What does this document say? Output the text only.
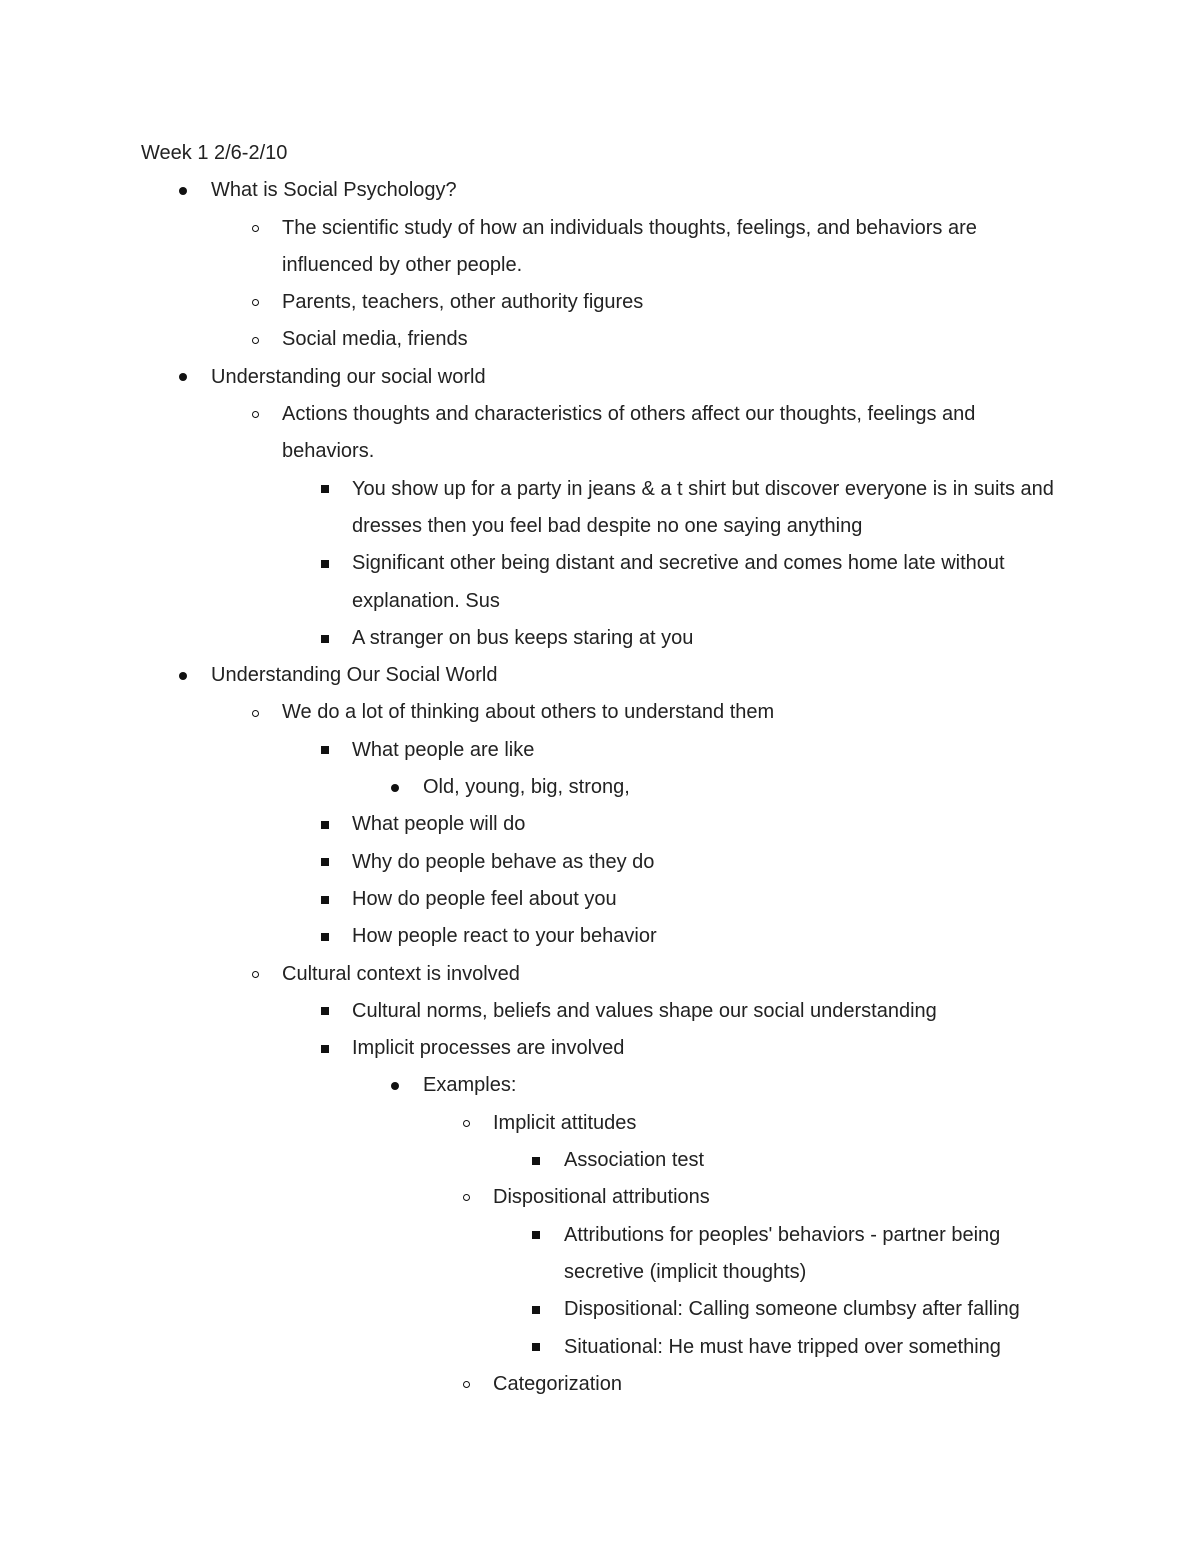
Week 1 2/6-2/10
What is Social Psychology?
The scientific study of how an individuals thoughts, feelings, and behaviors are influenced by other people.
Parents, teachers, other authority figures
Social media, friends
Understanding our social world
Actions thoughts and characteristics of others affect our thoughts, feelings and behaviors.
You show up for a party in jeans & a t shirt but discover everyone is in suits and dresses then you feel bad despite no one saying anything
Significant other being distant and secretive and comes home late without explanation. Sus
A stranger on bus keeps staring at you
Understanding Our Social World
We do a lot of thinking about others to understand them
What people are like
Old, young, big, strong,
What people will do
Why do people behave as they do
How do people feel about you
How people react to your behavior
Cultural context is involved
Cultural norms, beliefs and values shape our social understanding
Implicit processes are involved
Examples:
Implicit attitudes
Association test
Dispositional attributions
Attributions for peoples' behaviors - partner being secretive (implicit thoughts)
Dispositional: Calling someone clumbsy after falling
Situational: He must have tripped over something
Categorization
